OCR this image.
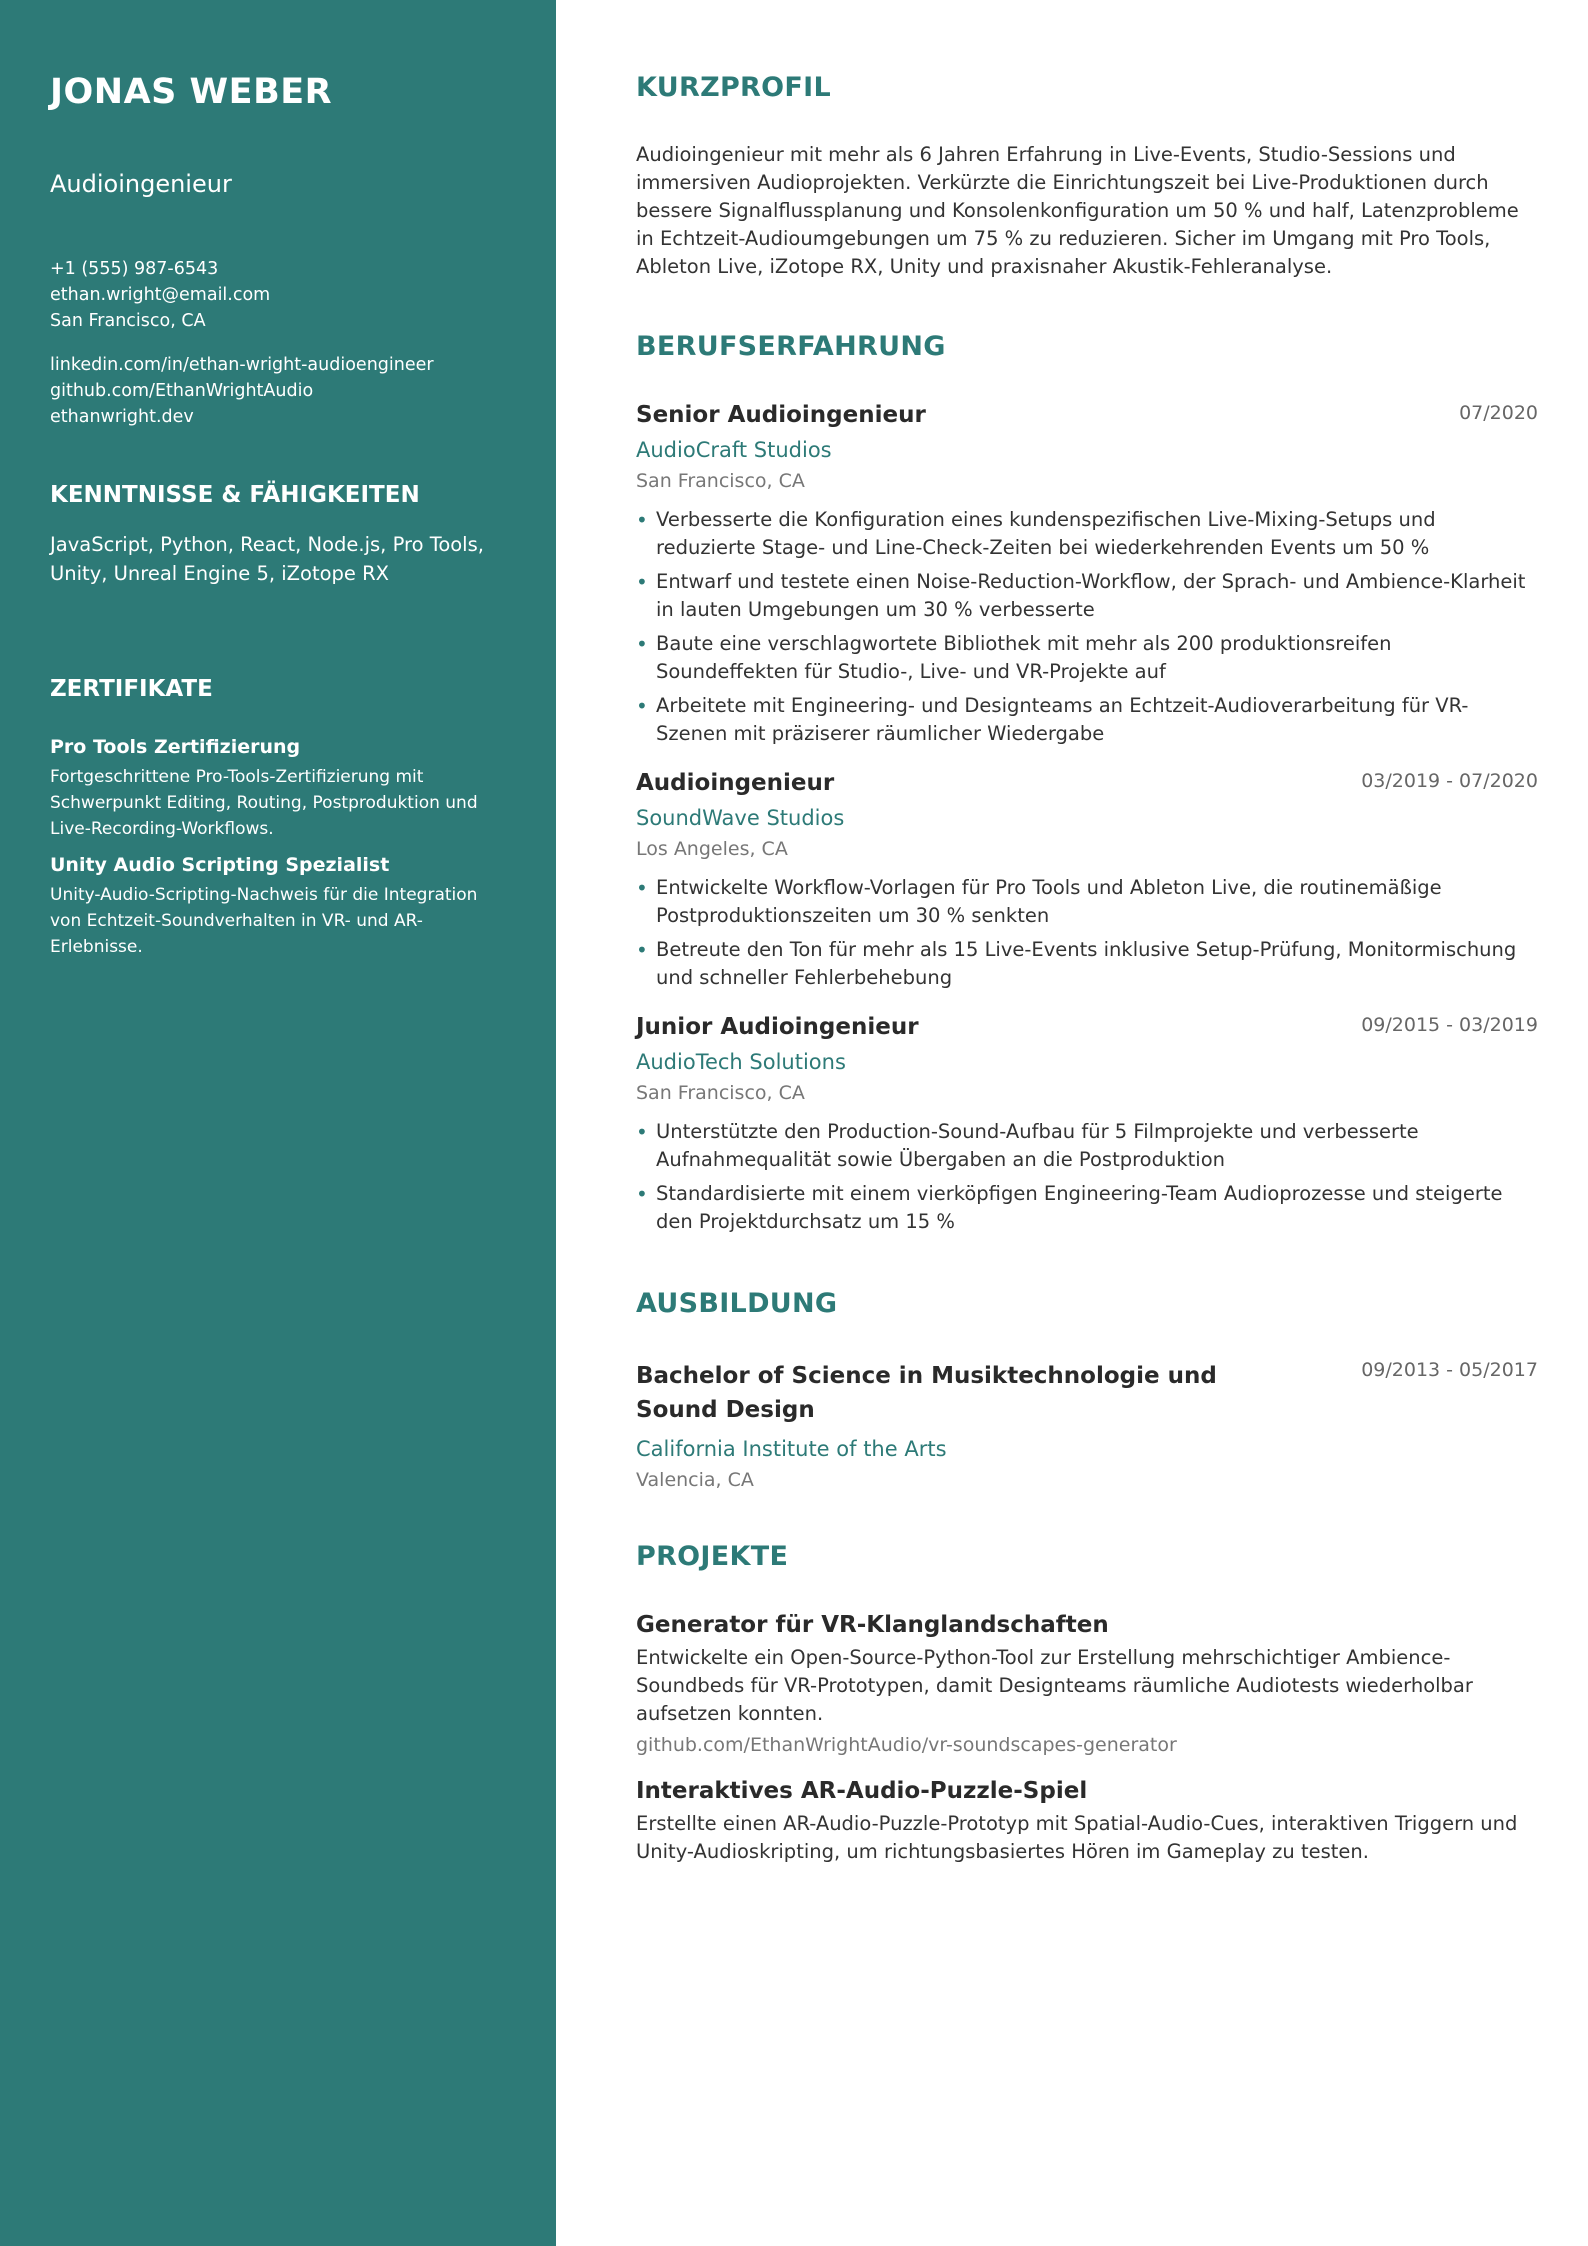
JONAS WEBER
Audioingenieur
+1 (555) 987-6543
ethan.wright@email.com
San Francisco, CA
linkedin.com/in/ethan-wright-audioengineer
github.com/EthanWrightAudio
ethanwright.dev
KENNTNISSE & FÄHIGKEITEN
JavaScript, Python, React, Node.js, Pro Tools, Unity, Unreal Engine 5, iZotope RX
ZERTIFIKATE
Pro Tools Zertifizierung
Fortgeschrittene Pro-Tools-Zertifizierung mit Schwerpunkt Editing, Routing, Postproduktion und Live-Recording-Workflows.
Unity Audio Scripting Spezialist
Unity-Audio-Scripting-Nachweis für die Integration von Echtzeit-Soundverhalten in VR- und AR-Erlebnisse.
KURZPROFIL
Audioingenieur mit mehr als 6 Jahren Erfahrung in Live-Events, Studio-Sessions und immersiven Audioprojekten. Verkürzte die Einrichtungszeit bei Live-Produktionen durch bessere Signalflussplanung und Konsolenkonfiguration um 50 % und half, Latenzprobleme in Echtzeit-Audioumgebungen um 75 % zu reduzieren. Sicher im Umgang mit Pro Tools, Ableton Live, iZotope RX, Unity und praxisnaher Akustik-Fehleranalyse.
BERUFSERFAHRUNG
Senior Audioingenieur	07/2020
AudioCraft Studios
San Francisco, CA
• Verbesserte die Konfiguration eines kundenspezifischen Live-Mixing-Setups und reduzierte Stage- und Line-Check-Zeiten bei wiederkehrenden Events um 50 %
• Entwarf und testete einen Noise-Reduction-Workflow, der Sprach- und Ambience-Klarheit in lauten Umgebungen um 30 % verbesserte
• Baute eine verschlagwortete Bibliothek mit mehr als 200 produktionsreifen Soundeffekten für Studio-, Live- und VR-Projekte auf
• Arbeitete mit Engineering- und Designteams an Echtzeit-Audioverarbeitung für VR-Szenen mit präziserer räumlicher Wiedergabe
Audioingenieur	03/2019 - 07/2020
SoundWave Studios
Los Angeles, CA
• Entwickelte Workflow-Vorlagen für Pro Tools und Ableton Live, die routinemäßige Postproduktionszeiten um 30 % senkten
• Betreute den Ton für mehr als 15 Live-Events inklusive Setup-Prüfung, Monitormischung und schneller Fehlerbehebung
Junior Audioingenieur	09/2015 - 03/2019
AudioTech Solutions
San Francisco, CA
• Unterstützte den Production-Sound-Aufbau für 5 Filmprojekte und verbesserte Aufnahmequalität sowie Übergaben an die Postproduktion
• Standardisierte mit einem vierköpfigen Engineering-Team Audioprozesse und steigerte den Projektdurchsatz um 15 %
AUSBILDUNG
Bachelor of Science in Musiktechnologie und Sound Design
09/2013 - 05/2017
California Institute of the Arts
Valencia, CA
PROJEKTE
Generator für VR-Klanglandschaften
Entwickelte ein Open-Source-Python-Tool zur Erstellung mehrschichtiger Ambience-Soundbeds für VR-Prototypen, damit Designteams räumliche Audiotests wiederholbar aufsetzen konnten.
github.com/EthanWrightAudio/vr-soundscapes-generator
Interaktives AR-Audio-Puzzle-Spiel
Erstellte einen AR-Audio-Puzzle-Prototyp mit Spatial-Audio-Cues, interaktiven Triggern und Unity-Audioskripting, um richtungsbasiertes Hören im Gameplay zu testen.
